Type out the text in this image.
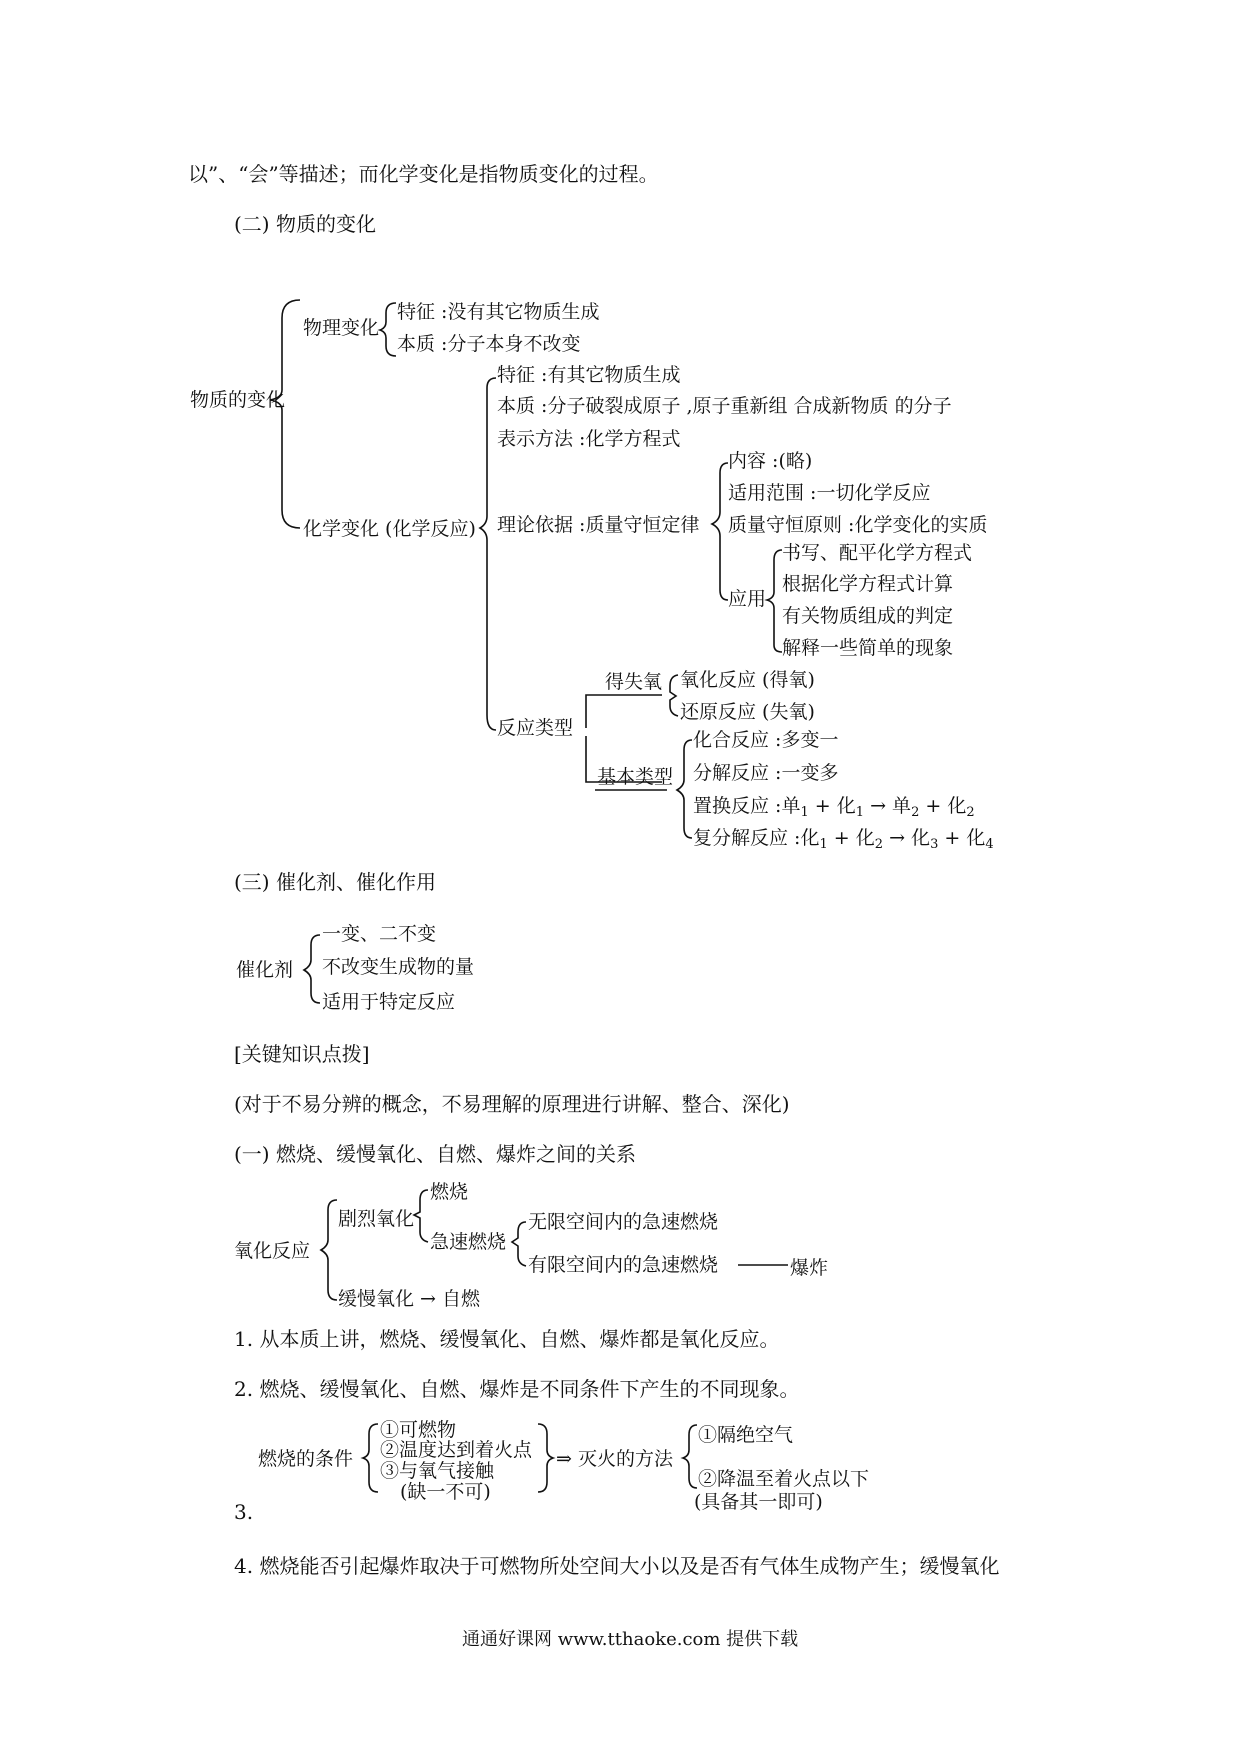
以”、“会”等描述；而化学变化是指物质变化的过程。
(二) 物质的变化
物质的变化
物理变化
特征 :没有其它物质生成
本质 :分子本身不改变
化学变化 (化学反应)
特征 :有其它物质生成
本质 :分子破裂成原子 ,原子重新组 合成新物质 的分子
表示方法 :化学方程式
理论依据 :质量守恒定律
内容 :(略)
适用范围 :一切化学反应
质量守恒原则 :化学变化的实质
应用
书写、配平化学方程式
根据化学方程式计算
有关物质组成的判定
解释一些简单的现象
反应类型
得失氧 氧化反应 (得氧)
还原反应 (失氧)
基本类型
化合反应 :多变一
分解反应 :一变多
置换反应 :单$_1$ + 化$_1$ → 单$_2$ + 化$_2$
复分解反应 :化$_1$ + 化$_2$ → 化$_3$ + 化$_4$
(三) 催化剂、催化作用
催化剂
一变、二不变
不改变生成物的量
适用于特定反应
[关键知识点拨]
(对于不易分辨的概念，不易理解的原理进行讲解、整合、深化)
(一) 燃烧、缓慢氧化、自燃、爆炸之间的关系
氧化反应
剧烈氧化
燃烧
急速燃烧
无限空间内的急速燃烧
有限空间内的急速燃烧	爆炸
缓慢氧化 → 自燃
1. 从本质上讲，燃烧、缓慢氧化、自燃、爆炸都是氧化反应。
2. 燃烧、缓慢氧化、自燃、爆炸是不同条件下产生的不同现象。
燃烧的条件
①可燃物
②温度达到着火点
③与氧气接触
(缺一不可)
⇒ 灭火的方法
①隔绝空气
②降温至着火点以下
(具备其一即可)
3.
4. 燃烧能否引起爆炸取决于可燃物所处空间大小以及是否有气体生成物产生；缓慢氧化
通通好课网 www.tthaoke.com 提供下载
